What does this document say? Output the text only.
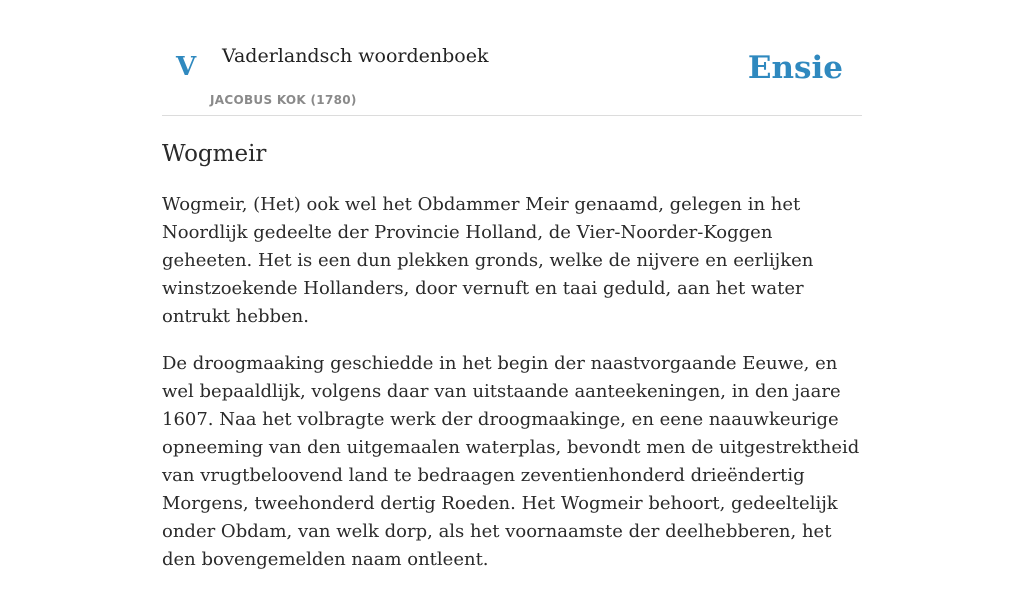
V Vaderlandsch woordenboek
JACOBUS KOK (1780)
Ensie
Wogmeir

Wogmeir, (Het) ook wel het Obdammer Meir genaamd, gelegen in het Noordlijk gedeelte der Provincie Holland, de Vier-Noorder-Koggen geheeten. Het is een dun plekken gronds, welke de nijvere en eerlijken winstzoekende Hollanders, door vernuft en taai geduld, aan het water ontrukt hebben.

De droogmaaking geschiedde in het begin der naastvorgaande Eeuwe, en wel bepaaldlijk, volgens daar van uitstaande aanteekeningen, in den jaare 1607. Naa het volbragte werk der droogmaakinge, en eene naauwkeurige opneeming van den uitgemaalen waterplas, bevondt men de uitgestrektheid van vrugtbeloovend land te bedraagen zeventienhonderd drieëndertig Morgens, tweehonderd dertig Roeden. Het Wogmeir behoort, gedeeltelijk onder Obdam, van welk dorp, als het voornaamste der deelhebberen, het den bovengemelden naam ontleent.
